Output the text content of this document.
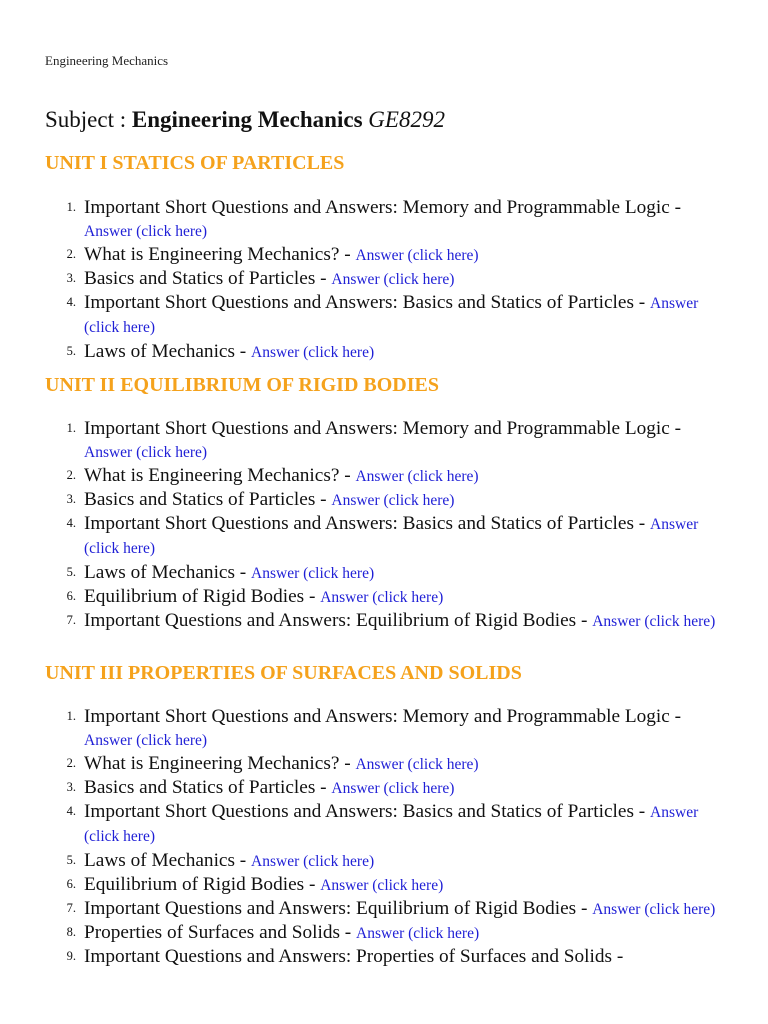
Engineering Mechanics
Subject : Engineering Mechanics GE8292
UNIT I STATICS OF PARTICLES
1. Important Short Questions and Answers: Memory and Programmable Logic - Answer (click here)
2. What is Engineering Mechanics? - Answer (click here)
3. Basics and Statics of Particles - Answer (click here)
4. Important Short Questions and Answers: Basics and Statics of Particles - Answer (click here)
5. Laws of Mechanics - Answer (click here)
UNIT II EQUILIBRIUM OF RIGID BODIES
1. Important Short Questions and Answers: Memory and Programmable Logic - Answer (click here)
2. What is Engineering Mechanics? - Answer (click here)
3. Basics and Statics of Particles - Answer (click here)
4. Important Short Questions and Answers: Basics and Statics of Particles - Answer (click here)
5. Laws of Mechanics - Answer (click here)
6. Equilibrium of Rigid Bodies - Answer (click here)
7. Important Questions and Answers: Equilibrium of Rigid Bodies - Answer (click here)
UNIT III PROPERTIES OF SURFACES AND SOLIDS
1. Important Short Questions and Answers: Memory and Programmable Logic - Answer (click here)
2. What is Engineering Mechanics? - Answer (click here)
3. Basics and Statics of Particles - Answer (click here)
4. Important Short Questions and Answers: Basics and Statics of Particles - Answer (click here)
5. Laws of Mechanics - Answer (click here)
6. Equilibrium of Rigid Bodies - Answer (click here)
7. Important Questions and Answers: Equilibrium of Rigid Bodies - Answer (click here)
8. Properties of Surfaces and Solids - Answer (click here)
9. Important Questions and Answers: Properties of Surfaces and Solids -
